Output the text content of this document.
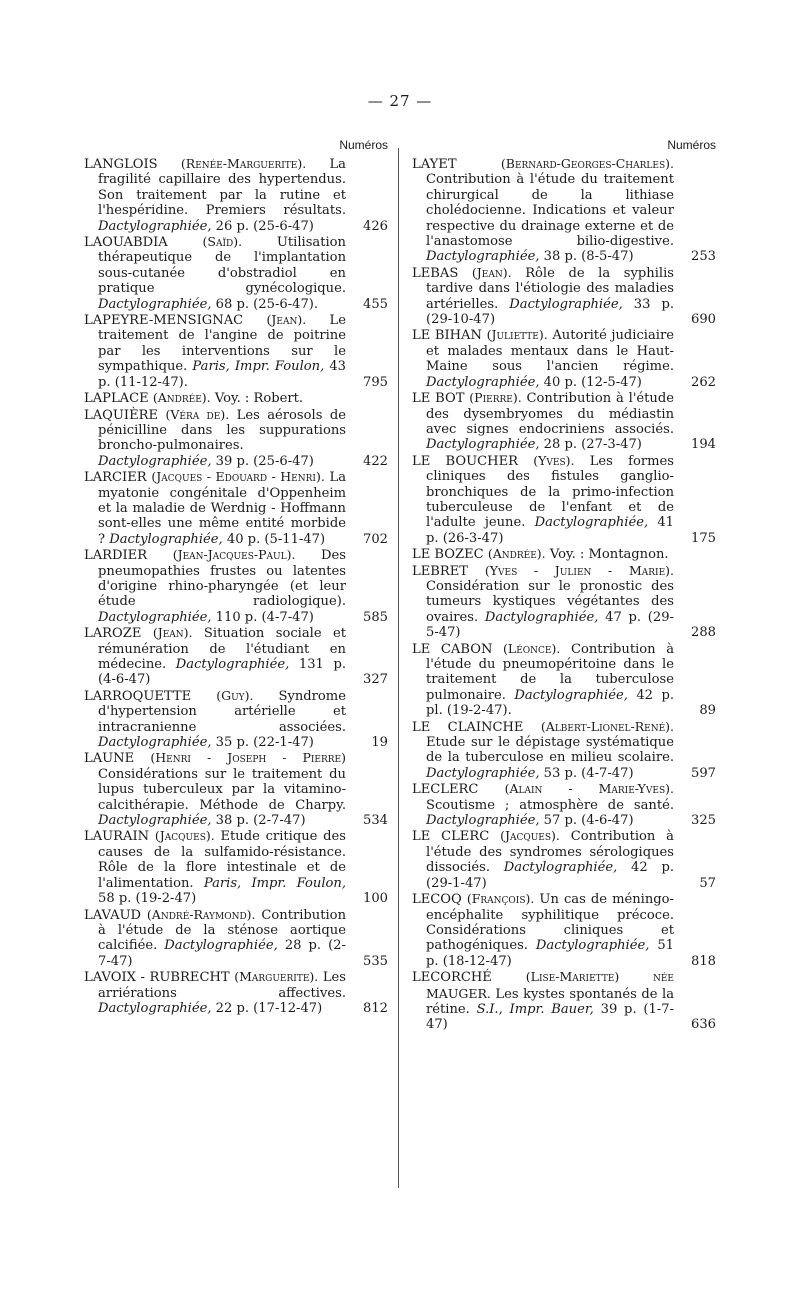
— 27 —
Numéros
LANGLOIS (Renée-Marguerite). La fragilité capillaire des hypertendus. Son traitement par la rutine et l'hespéridine. Premiers résultats. Dactylographiée, 26 p. (25-6-47)	426
LAOUABDIA	(Saïd).	Utilisation thérapeutique de l'implantation sous-cutanée d'obstradiol en pratique gynécologique. Dactylographiée, 68 p. (25-6-47).	455
LAPEYRE-MENSIGNAC (Jean). Le traitement de l'angine de poitrine par les interventions sur le sympathique. Paris, Impr. Foulon, 43 p. (11-12-47).	795
LAPLACE (Andrée). Voy. : Robert.
LAQUIÈRE (Véra de). Les aérosols de pénicilline dans les suppurations broncho-pulmonaires. Dactylographiée, 39 p. (25-6-47)	422
LARCIER (Jacques - Edouard - Henri). La myatonie congénitale d'Oppenheim et la maladie de Werdnig - Hoffmann sont-elles une même entité morbide ? Dactylographiée, 40 p. (5-11-47)	702
LARDIER (Jean-Jacques-Paul). Des pneumopathies frustes ou latentes d'origine rhino-pharyngée (et leur étude radiologique). Dactylographiée, 110 p. (4-7-47)	585
LAROZE (Jean). Situation sociale et rémunération de l'étudiant en médecine. Dactylographiée, 131 p. (4-6-47)	327
LARROQUETTE (Guy). Syndrome d'hypertension artérielle et intracranienne associées. Dactylographiée, 35 p. (22-1-47)	19
LAUNE (Henri - Joseph - Pierre) Considérations sur le traitement du lupus tuberculeux par la vitamino-calcithérapie. Méthode de Charpy. Dactylographiée, 38 p. (2-7-47)	534
LAURAIN (Jacques). Etude critique des causes de la sulfamido-résistance. Rôle de la flore intestinale et de l'alimentation. Paris, Impr. Foulon, 58 p. (19-2-47)	100
LAVAUD (André-Raymond). Contribution à l'étude de la sténose aortique calcifiée. Dactylographiée, 28 p. (2-7-47)	535
LAVOIX - RUBRECHT (Marguerite). Les arriérations affectives. Dactylographiée, 22 p. (17-12-47)	812
Numéros
LAYET	(Bernard-Georges-Charles). Contribution à l'étude du traitement chirurgical de la lithiase cholédocienne. Indications et valeur respective du drainage externe et de l'anastomose bilio-digestive. Dactylographiée, 38 p. (8-5-47)	253
LEBAS (Jean). Rôle de la syphilis tardive dans l'étiologie des maladies artérielles. Dactylographiée, 33 p. (29-10-47)	690
LE BIHAN (Juliette). Autorité judiciaire et malades mentaux dans le Haut-Maine sous l'ancien régime. Dactylographiée, 40 p. (12-5-47)	262
LE BOT (Pierre). Contribution à l'étude des dysembryomes du médiastin avec signes endocriniens associés. Dactylographiée, 28 p. (27-3-47)	194
LE BOUCHER (Yves). Les formes cliniques des fistules ganglio-bronchiques de la primo-infection tuberculeuse de l'enfant et de l'adulte jeune. Dactylographiée, 41 p. (26-3-47)	175
LE BOZEC (Andrée). Voy. : Montagnon.
LEBRET (Yves - Julien - Marie). Considération sur le pronostic des tumeurs kystiques végétantes des ovaires. Dactylographiée, 47 p. (29-5-47)	288
LE CABON (Léonce). Contribution à l'étude du pneumopéritoine dans le traitement de la tuberculose pulmonaire. Dactylographiée, 42 p. pl. (19-2-47).	89
LE CLAINCHE (Albert-Lionel-René). Etude sur le dépistage systématique de la tuberculose en milieu scolaire. Dactylographiée, 53 p. (4-7-47)	597
LECLERC (Alain - Marie-Yves). Scoutisme ; atmosphère de santé. Dactylographiée, 57 p. (4-6-47)	325
LE CLERC (Jacques). Contribution à l'étude des syndromes sérologiques dissociés. Dactylographiée, 42 p. (29-1-47)	57
LECOQ (François). Un cas de méningo-encéphalite syphilitique précoce. Considérations cliniques et pathogéniques. Dactylographiée, 51 p. (18-12-47)	818
LECORCHÉ	(Lise-Mariette) née MAUGER. Les kystes spontanés de la rétine. S.I., Impr. Bauer, 39 p. (1-7-47)	636
